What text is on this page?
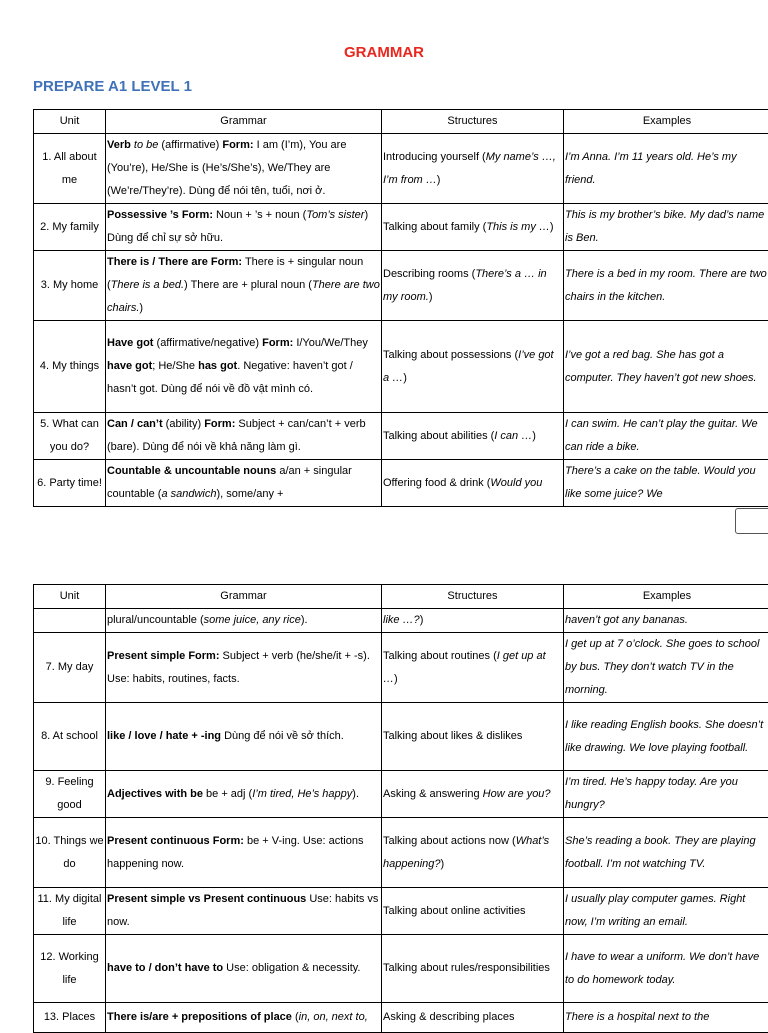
GRAMMAR
PREPARE A1 LEVEL 1
Unit	Grammar	Structures	Examples
1. All about me	Verb to be (affirmative) Form: I am (I’m), You are (You’re), He/She is (He’s/She’s), We/They are (We’re/They’re). Dùng để nói tên, tuổi, nơi ở.	Introducing yourself (My name’s …, I’m from …)	I’m Anna. I’m 11 years old. He’s my friend.
2. My family	Possessive ’s Form: Noun + ’s + noun (Tom’s sister) Dùng để chỉ sự sở hữu.	Talking about family (This is my …)	This is my brother’s bike. My dad’s name is Ben.
3. My home	There is / There are Form: There is + singular noun (There is a bed.) There are + plural noun (There are two chairs.)	Describing rooms (There’s a … in my room.)	There is a bed in my room. There are two chairs in the kitchen.
4. My things	Have got (affirmative/negative) Form: I/You/We/They have got; He/She has got. Negative: haven’t got / hasn’t got. Dùng để nói về đồ vật mình có.	Talking about possessions (I’ve got a …)	I’ve got a red bag. She has got a computer. They haven’t got new shoes.
5. What can you do?	Can / can’t (ability) Form: Subject + can/can’t + verb (bare). Dùng để nói về khả năng làm gì.	Talking about abilities (I can …)	I can swim. He can’t play the guitar. We can ride a bike.
6. Party time!	Countable & uncountable nouns a/an + singular countable (a sandwich), some/any +	Offering food & drink (Would you	There’s a cake on the table. Would you like some juice? We
Unit	Grammar	Structures	Examples
	plural/uncountable (some juice, any rice).	like …?)	haven’t got any bananas.
7. My day	Present simple Form: Subject + verb (he/she/it + -s). Use: habits, routines, facts.	Talking about routines (I get up at …)	I get up at 7 o’clock. She goes to school by bus. They don’t watch TV in the morning.
8. At school	like / love / hate + -ing Dùng để nói về sở thích.	Talking about likes & dislikes	I like reading English books. She doesn’t like drawing. We love playing football.
9. Feeling good	Adjectives with be be + adj (I’m tired, He’s happy).	Asking & answering How are you?	I’m tired. He’s happy today. Are you hungry?
10. Things we do	Present continuous Form: be + V-ing. Use: actions happening now.	Talking about actions now (What’s happening?)	She’s reading a book. They are playing football. I’m not watching TV.
11. My digital life	Present simple vs Present continuous Use: habits vs now.	Talking about online activities	I usually play computer games. Right now, I’m writing an email.
12. Working life	have to / don’t have to Use: obligation & necessity.	Talking about rules/responsibilities	I have to wear a uniform. We don’t have to do homework today.
13. Places	There is/are + prepositions of place (in, on, next to,	Asking & describing places	There is a hospital next to the
